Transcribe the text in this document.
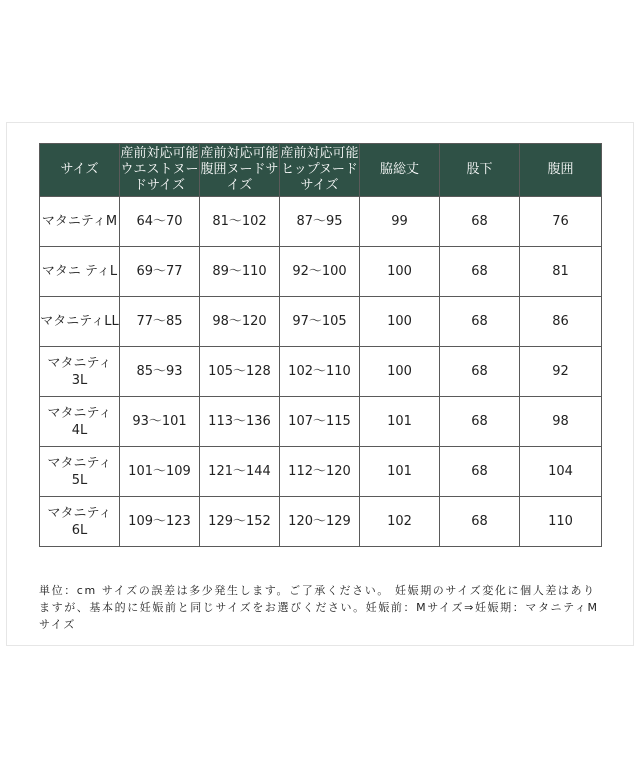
サイズ	産前対応可能ウエストヌードサイズ	産前対応可能腹囲ヌードサイズ	産前対応可能ヒップヌードサイズ	脇総丈	股下	腹囲
マタニティM	64〜70	81〜102	87〜95	99	68	76
マタニ ティL	69〜77	89〜110	92〜100	100	68	81
マタニティLL	77〜85	98〜120	97〜105	100	68	86
マタニティ3L	85〜93	105〜128	102〜110	100	68	92
マタニティ4L	93〜101	113〜136	107〜115	101	68	98
マタニティ5L	101〜109	121〜144	112〜120	101	68	104
マタニティ6L	109〜123	129〜152	120〜129	102	68	110
単位：cm サイズの誤差は多少発生します。ご了承ください。 妊娠期のサイズ変化に個人差はありますが、基本的に妊娠前と同じサイズをお選びください。妊娠前：Mサイズ⇒妊娠期：マタニティMサイズ
